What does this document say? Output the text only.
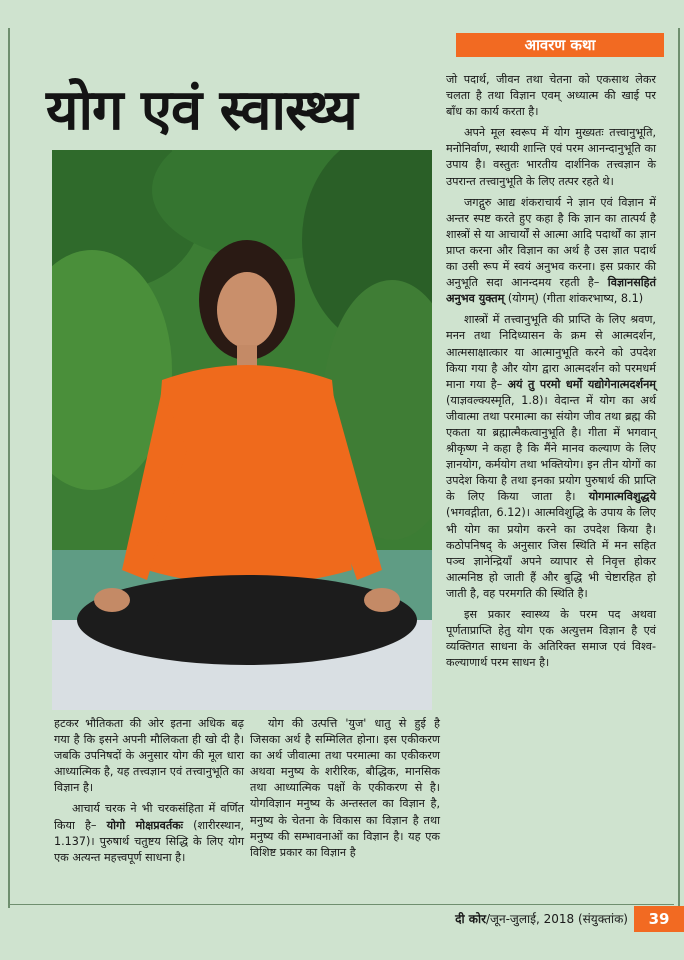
आवरण कथा
योग एवं स्वास्थ्य	जो पदार्थ, जीवन तथा चेतना को एकसाथ लेकर चलता है तथा विज्ञान एवम् अध्यात्म की खाई पर बाँध का कार्य करता है।

अपने मूल स्वरूप में योग मुख्यतः तत्त्वानुभूति, मनोनिर्वाण, स्थायी शान्ति एवं परम आनन्दानुभूति का उपाय है। वस्तुतः भारतीय दार्शनिक तत्त्वज्ञान के उपरान्त तत्त्वानुभूति के लिए तत्पर रहते थे।

जगद्गुरु आद्य शंकराचार्य ने ज्ञान एवं विज्ञान में अन्तर स्पष्ट करते हुए कहा है कि ज्ञान का तात्पर्य है शास्त्रों से या आचार्यों से आत्मा आदि पदार्थों का ज्ञान प्राप्त करना और विज्ञान का अर्थ है उस ज्ञात पदार्थ का उसी रूप में स्वयं अनुभव करना। इस प्रकार की अनुभूति सदा आनन्दमय रहती है– विज्ञानसहितं अनुभव युक्तम् (योगम्) (गीता शांकरभाष्य, 8.1)

शास्त्रों में तत्त्वानुभूति की प्राप्ति के लिए श्रवण, मनन तथा निदिध्यासन के क्रम से आत्मदर्शन, आत्मसाक्षात्कार या आत्मानुभूति करने को उपदेश किया गया है और योग द्वारा आत्मदर्शन को परमधर्म माना गया है– अयं तु परमो धर्मो यद्योगेनात्मदर्शनम् (याज्ञवल्क्यस्मृति, 1.8)। वेदान्त में योग का अर्थ जीवात्मा तथा परमात्मा का संयोग जीव तथा ब्रह्म की एकता या ब्रह्मात्मैकत्वानुभूति है। गीता में भगवान् श्रीकृष्ण ने कहा है कि मैंने मानव कल्याण के लिए ज्ञानयोग, कर्मयोग तथा भक्तियोग। इन तीन योगों का उपदेश किया है तथा इनका प्रयोग पुरुषार्थ की प्राप्ति के लिए किया जाता है। योगमात्मविशुद्धये (भगवद्गीता, 6.12)। आत्मविशुद्धि के उपाय के लिए भी योग का प्रयोग करने का उपदेश किया है। कठोपनिषद् के अनुसार जिस स्थिति में मन सहित पञ्च ज्ञानेन्द्रियाँ अपने व्यापार से निवृत्त होकर आत्मनिष्ठ हो जाती हैं और बुद्धि भी चेष्टारहित हो जाती है, वह परमगति की स्थिति है।

इस प्रकार स्वास्थ्य के परम पद अथवा पूर्णताप्राप्ति हेतु योग एक अत्युत्तम विज्ञान है एवं व्यक्तिगत साधना के अतिरिक्त समाज एवं विश्व-कल्याणार्थ परम साधन है।

हटकर भौतिकता की ओर इतना अधिक बढ़ गया है कि इसने अपनी मौलिकता ही खो दी है। जबकि उपनिषदों के अनुसार योग की मूल धारा आध्यात्मिक है, यह तत्त्वज्ञान एवं तत्त्वानुभूति का विज्ञान है।

आचार्य चरक ने भी चरकसंहिता में वर्णित किया है– योगो मोक्षप्रवर्तकः (शारीरस्थान, 1.137)। पुरुषार्थ चतुष्टय सिद्धि के लिए योग एक अत्यन्त महत्त्वपूर्ण साधना है।

योग की उत्पत्ति 'युज' धातु से हुई है जिसका अर्थ है सम्मिलित होना। इस एकीकरण का अर्थ जीवात्मा तथा परमात्मा का एकीकरण अथवा मनुष्य के शरीरिक, बौद्धिक, मानसिक तथा आध्यात्मिक पक्षों के एकीकरण से है। योगविज्ञान मनुष्य के अन्तस्तल का विज्ञान है, मनुष्य के चेतना के विकास का विज्ञान है तथा मनुष्य की सम्भावनाओं का विज्ञान है। यह एक विशिष्ट प्रकार का विज्ञान है

दी कोर/जून-जुलाई, 2018 (संयुक्तांक)	39
